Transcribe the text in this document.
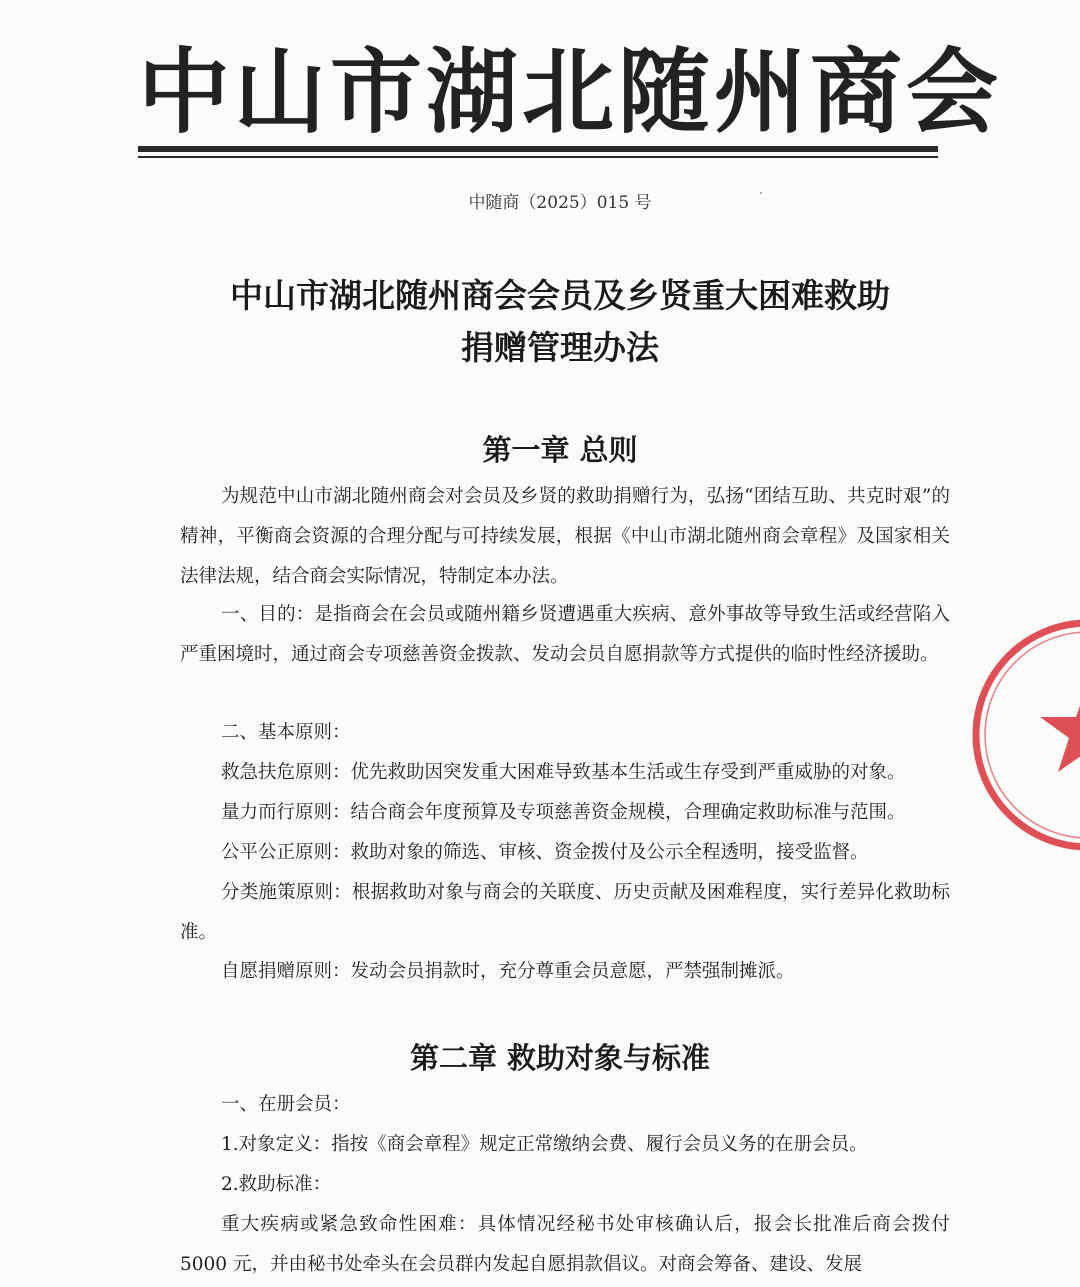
中山市湖北随州商会
中随商（2025）015 号
中山市湖北随州商会会员及乡贤重大困难救助
捐赠管理办法
第一章 总则
为规范中山市湖北随州商会对会员及乡贤的救助捐赠行为，弘扬“团结互助、共克时艰”的精神，平衡商会资源的合理分配与可持续发展，根据《中山市湖北随州商会章程》及国家相关法律法规，结合商会实际情况，特制定本办法。
一、目的：是指商会在会员或随州籍乡贤遭遇重大疾病、意外事故等导致生活或经营陷入严重困境时，通过商会专项慈善资金拨款、发动会员自愿捐款等方式提供的临时性经济援助。
二、基本原则：
救急扶危原则：优先救助因突发重大困难导致基本生活或生存受到严重威胁的对象。
量力而行原则：结合商会年度预算及专项慈善资金规模，合理确定救助标准与范围。
公平公正原则：救助对象的筛选、审核、资金拨付及公示全程透明，接受监督。
分类施策原则：根据救助对象与商会的关联度、历史贡献及困难程度，实行差异化救助标准。
自愿捐赠原则：发动会员捐款时，充分尊重会员意愿，严禁强制摊派。
第二章 救助对象与标准
一、在册会员：
1.对象定义：指按《商会章程》规定正常缴纳会费、履行会员义务的在册会员。
2.救助标准：
重大疾病或紧急致命性困难：具体情况经秘书处审核确认后，报会长批准后商会拨付 5000 元，并由秘书处牵头在会员群内发起自愿捐款倡议。对商会筹备、建设、发展
